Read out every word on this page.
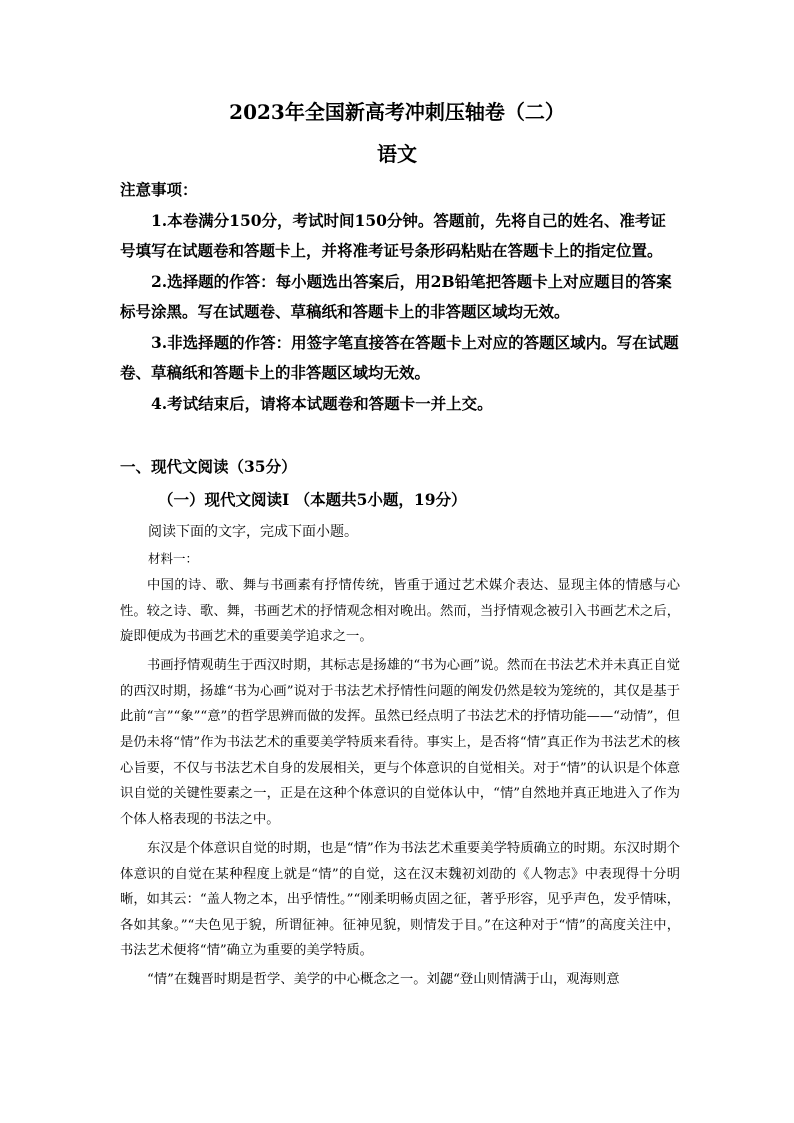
2023年全国新高考冲刺压轴卷（二）
语文

注意事项：

1.本卷满分150分，考试时间150分钟。答题前，先将自己的姓名、准考证号填写在试题卷和答题卡上，并将准考证号条形码粘贴在答题卡上的指定位置。

2.选择题的作答：每小题选出答案后，用2B铅笔把答题卡上对应题目的答案标号涂黑。写在试题卷、草稿纸和答题卡上的非答题区域均无效。

3.非选择题的作答：用签字笔直接答在答题卡上对应的答题区域内。写在试题卷、草稿纸和答题卡上的非答题区域均无效。

4.考试结束后，请将本试题卷和答题卡一并上交。

一、现代文阅读（35分）

（一）现代文阅读Ⅰ （本题共5小题，19分）

阅读下面的文字，完成下面小题。

材料一：

中国的诗、歌、舞与书画素有抒情传统，皆重于通过艺术媒介表达、显现主体的情感与心性。较之诗、歌、舞，书画艺术的抒情观念相对晚出。然而，当抒情观念被引入书画艺术之后，旋即便成为书画艺术的重要美学追求之一。

书画抒情观萌生于西汉时期，其标志是扬雄的“书为心画”说。然而在书法艺术并未真正自觉的西汉时期，扬雄“书为心画”说对于书法艺术抒情性问题的阐发仍然是较为笼统的，其仅是基于此前“言”“象”“意”的哲学思辨而做的发挥。虽然已经点明了书法艺术的抒情功能——“动情”，但是仍未将“情”作为书法艺术的重要美学特质来看待。事实上，是否将“情”真正作为书法艺术的核心旨要，不仅与书法艺术自身的发展相关，更与个体意识的自觉相关。对于“情”的认识是个体意识自觉的关键性要素之一，正是在这种个体意识的自觉体认中，“情”自然地并真正地进入了作为个体人格表现的书法之中。

东汉是个体意识自觉的时期，也是“情”作为书法艺术重要美学特质确立的时期。东汉时期个体意识的自觉在某种程度上就是“情”的自觉，这在汉末魏初刘劭的《人物志》中表现得十分明晰，如其云：“盖人物之本，出乎情性。”“刚柔明畅贞固之征，著乎形容，见乎声色，发乎情味，各如其象。”“夫色见于貌，所谓征神。征神见貌，则情发于目。”在这种对于“情”的高度关注中，书法艺术便将“情”确立为重要的美学特质。

“情”在魏晋时期是哲学、美学的中心概念之一。刘勰“登山则情满于山，观海则意
